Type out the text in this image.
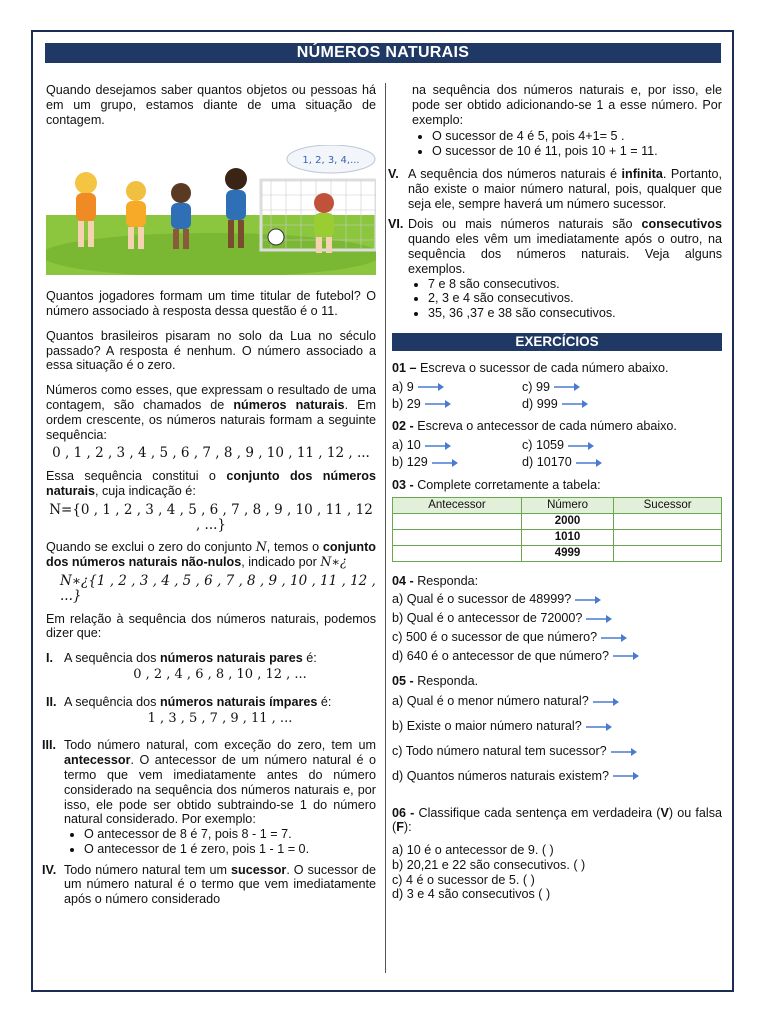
NÚMEROS NATURAIS

Quando desejamos saber quantos objetos ou pessoas há em um grupo, estamos diante de uma situação de contagem.

1, 2, 3, 4,...

Quantos jogadores formam um time titular de futebol? O número associado à resposta dessa questão é o 11.

Quantos brasileiros pisaram no solo da Lua no século passado? A resposta é nenhum. O número associado a essa situação é o zero.

Números como esses, que expressam o resultado de uma contagem, são chamados de números naturais. Em ordem crescente, os números naturais formam a seguinte sequência:

0 , 1 , 2 , 3 , 4 , 5 , 6 , 7 , 8 , 9 , 10 , 11 , 12 , ...

Essa sequência constitui o conjunto dos números naturais, cuja indicação é:

N={0 , 1 , 2 , 3 , 4 , 5 , 6 , 7 , 8 , 9 , 10 , 11 , 12 , ...}

Quando se exclui o zero do conjunto N, temos o conjunto dos números naturais não-nulos, indicado por N∗¿

N∗¿{1 , 2 , 3 , 4 , 5 , 6 , 7 , 8 , 9 , 10 , 11 , 12 , ...}

Em relação à sequência dos números naturais, podemos dizer que:

I. A sequência dos números naturais pares é:
0 , 2 , 4 , 6 , 8 , 10 , 12 , ...
II. A sequência dos números naturais ímpares é:
1 , 3 , 5 , 7 , 9 , 11 , ...
III. Todo número natural, com exceção do zero, tem um antecessor. O antecessor de um número natural é o termo que vem imediatamente antes do número considerado na sequência dos números naturais e, por isso, ele pode ser obtido subtraindo-se 1 do número natural considerado. Por exemplo:
• O antecessor de 8 é 7, pois 8 - 1 = 7.
• O antecessor de 1 é zero, pois 1 - 1 = 0.
IV. Todo número natural tem um sucessor. O sucessor de um número natural é o termo que vem imediatamente após o número considerado

na sequência dos números naturais e, por isso, ele pode ser obtido adicionando-se 1 a esse número. Por exemplo:

• O sucessor de 4 é 5, pois 4+1= 5 .
• O sucessor de 10 é 11, pois 10 + 1 = 11.
V. A sequência dos números naturais é infinita. Portanto, não existe o maior número natural, pois, qualquer que seja ele, sempre haverá um número sucessor.
VI. Dois ou mais números naturais são consecutivos quando eles vêm um imediatamente após o outro, na sequência dos números naturais. Veja alguns exemplos.
• 7 e 8 são consecutivos.
• 2, 3 e 4 são consecutivos.
• 35, 36 ,37 e 38 são consecutivos.
EXERCÍCIOS
01 – Escreva o sucessor de cada número abaixo.
a) 9	c) 99
b) 29	d) 999
02 - Escreva o antecessor de cada número abaixo.
a) 10	c) 1059
b) 129	d) 10170
03 - Complete corretamente a tabela:
Antecessor	Número	Sucessor
	2000	
	1010	
	4999	
04 - Responda:
a) Qual é o sucessor de 48999?
b) Qual é o antecessor de 72000?
c) 500 é o sucessor de que número?
d) 640 é o antecessor de que número?
05 - Responda.
a) Qual é o menor número natural?
b) Existe o maior número natural?
c) Todo número natural tem sucessor?
d) Quantos números naturais existem?
06 - Classifique cada sentença em verdadeira (V) ou falsa (F):
a) 10 é o antecessor de 9. ( )
b) 20,21 e 22 são consecutivos. ( )
c) 4 é o sucessor de 5. ( )
d) 3 e 4 são consecutivos ( )
